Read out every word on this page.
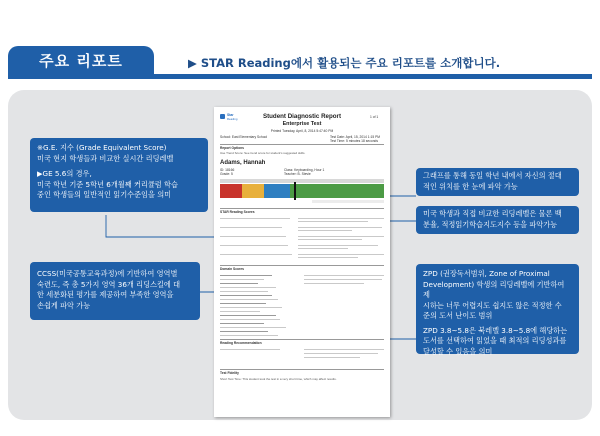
주요 리포트	▶ STAR Reading에서 활용되는 주요 리포트를 소개합니다.

※G.E. 지수 (Grade Equivalent Score)

미국 현지 학생들과 비교한 실시간 리딩레벨

▶GE 5.6의 경우,

미국 학년 기준 5학년 6개월째 커리큘럼 학습

중인 학생들의 일반적인 읽기수준임을 의미

CCSS(미국공통교육과정)에 기반하여 영역별

숙련도, 즉 총 5가지 영역 36개 리딩스킬에 대

한 세분화된 평가를 제공하여 부족한 영역을

손쉽게 파악 가능

그래프를 통해 동일 학년 내에서 자신의 절대

적인 위치를 한 눈에 파악 가능

미국 학생과 직접 비교한 리딩레벨은 물론 백

분율, 적정읽기학습지도지수 등을 파악가능

ZPD (권장독서범위, Zone of Proximal

Development) 학생의 리딩레벨에 기반하여 제

시하는 너무 어렵지도 쉽지도 않은 적정한 수

준의 도서 난이도 범위

ZPD 3.8~5.8은 북레벨 3.8~5.8에 해당하는

도서를 선택하여 읽었을 때 최적의 리딩성과를

달성할 수 있음을 의미

Star
Reading	1 of 1
Student Diagnostic Report
Enterprise Test
Printed Tuesday, April, 8, 2014 5:47:40 PM
School: East Elementary School	Test Date: April, 15, 2014 1:15 PM
Test Time: 5 minutes 18 seconds
Report Options
Use Trend Score: See trend score for student's suggested skills.
Adams, Hannah
ID: 18166
Grade: 5
Class: Keyboarding, Hour 1
Teacher: B. Stevie
STAR Reading Scores
Domain Scores
Reading Recommendation
Test Fidelity
Short Test Time: This student took the test in a very short time, which may affect results.
